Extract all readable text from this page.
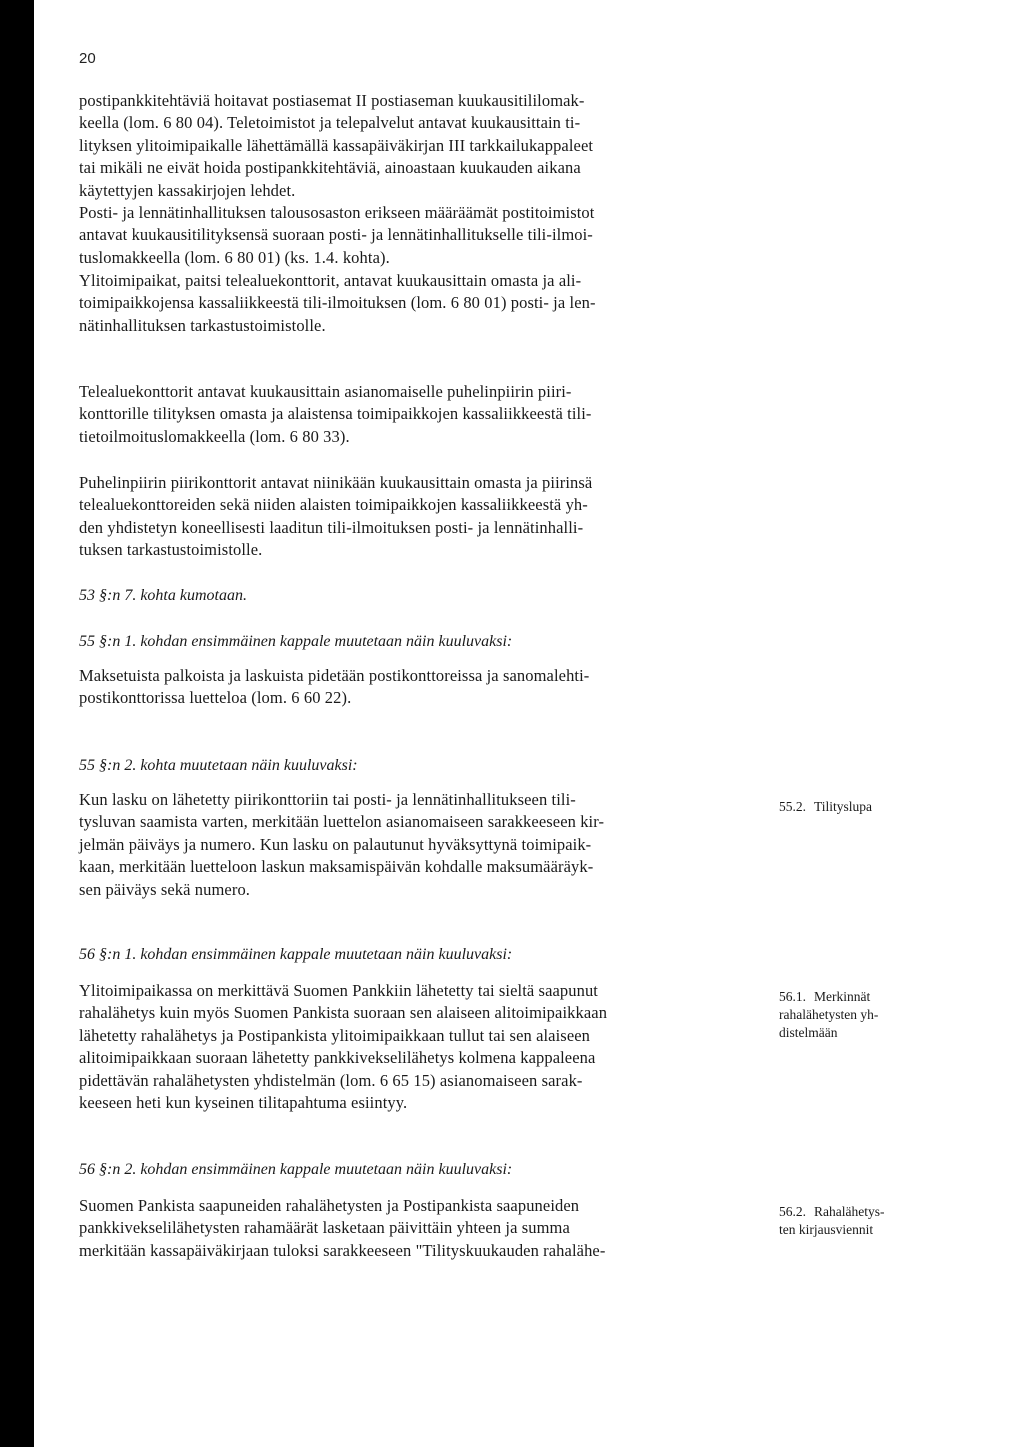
20

postipankkitehtäviä hoitavat postiasemat II postiaseman kuukausitililomak-
keella (lom. 6 80 04). Teletoimistot ja telepalvelut antavat kuukausittain ti-
lityksen ylitoimipaikalle lähettämällä kassapäiväkirjan III tarkkailukappaleet
tai mikäli ne eivät hoida postipankkitehtäviä, ainoastaan kuukauden aikana
käytettyjen kassakirjojen lehdet.

Posti- ja lennätinhallituksen talousosaston erikseen määräämät postitoimistot
antavat kuukausitilityksensä suoraan posti- ja lennätinhallitukselle tili-ilmoi-
tuslomakkeella (lom. 6 80 01) (ks. 1.4. kohta).

Ylitoimipaikat, paitsi telealuekonttorit, antavat kuukausittain omasta ja ali-
toimipaikkojensa kassaliikkeestä tili-ilmoituksen (lom. 6 80 01) posti- ja len-
nätinhallituksen tarkastustoimistolle.

Telealuekonttorit antavat kuukausittain asianomaiselle puhelinpiirin piiri-
konttorille tilityksen omasta ja alaistensa toimipaikkojen kassaliikkeestä tili-
tietoilmoituslomakkeella (lom. 6 80 33).

Puhelinpiirin piirikonttorit antavat niinikään kuukausittain omasta ja piirinsä
telealuekonttoreiden sekä niiden alaisten toimipaikkojen kassaliikkeestä yh-
den yhdistetyn koneellisesti laaditun tili-ilmoituksen posti- ja lennätinhalli-
tuksen tarkastustoimistolle.

53 §:n 7. kohta kumotaan.

55 §:n 1. kohdan ensimmäinen kappale muutetaan näin kuuluvaksi:

Maksetuista palkoista ja laskuista pidetään postikonttoreissa ja sanomalehti-
postikonttorissa luetteloa (lom. 6 60 22).

55 §:n 2. kohta muutetaan näin kuuluvaksi:

Kun lasku on lähetetty piirikonttoriin tai posti- ja lennätinhallitukseen tili-
tysluvan saamista varten, merkitään luettelon asianomaiseen sarakkeeseen kir-
jelmän päiväys ja numero. Kun lasku on palautunut hyväksyttynä toimipaik-
kaan, merkitään luetteloon laskun maksamispäivän kohdalle maksumääräyk-
sen päiväys sekä numero.

56 §:n 1. kohdan ensimmäinen kappale muutetaan näin kuuluvaksi:

Ylitoimipaikassa on merkittävä Suomen Pankkiin lähetetty tai sieltä saapunut
rahalähetys kuin myös Suomen Pankista suoraan sen alaiseen alitoimipaikkaan
lähetetty rahalähetys ja Postipankista ylitoimipaikkaan tullut tai sen alaiseen
alitoimipaikkaan suoraan lähetetty pankkivekselilähetys kolmena kappaleena
pidettävän rahalähetysten yhdistelmän (lom. 6 65 15) asianomaiseen sarak-
keeseen heti kun kyseinen tilitapahtuma esiintyy.

56 §:n 2. kohdan ensimmäinen kappale muutetaan näin kuuluvaksi:

Suomen Pankista saapuneiden rahalähetysten ja Postipankista saapuneiden
pankkivekselilähetysten rahamäärät lasketaan päivittäin yhteen ja summa
merkitään kassapäiväkirjaan tuloksi sarakkeeseen "Tilityskuukauden rahalähe-

55.2. Tilityslupa
56.1. Merkinnät
rahalähetysten yh-
distelmään
56.2. Rahalähetys-
ten kirjausviennit
